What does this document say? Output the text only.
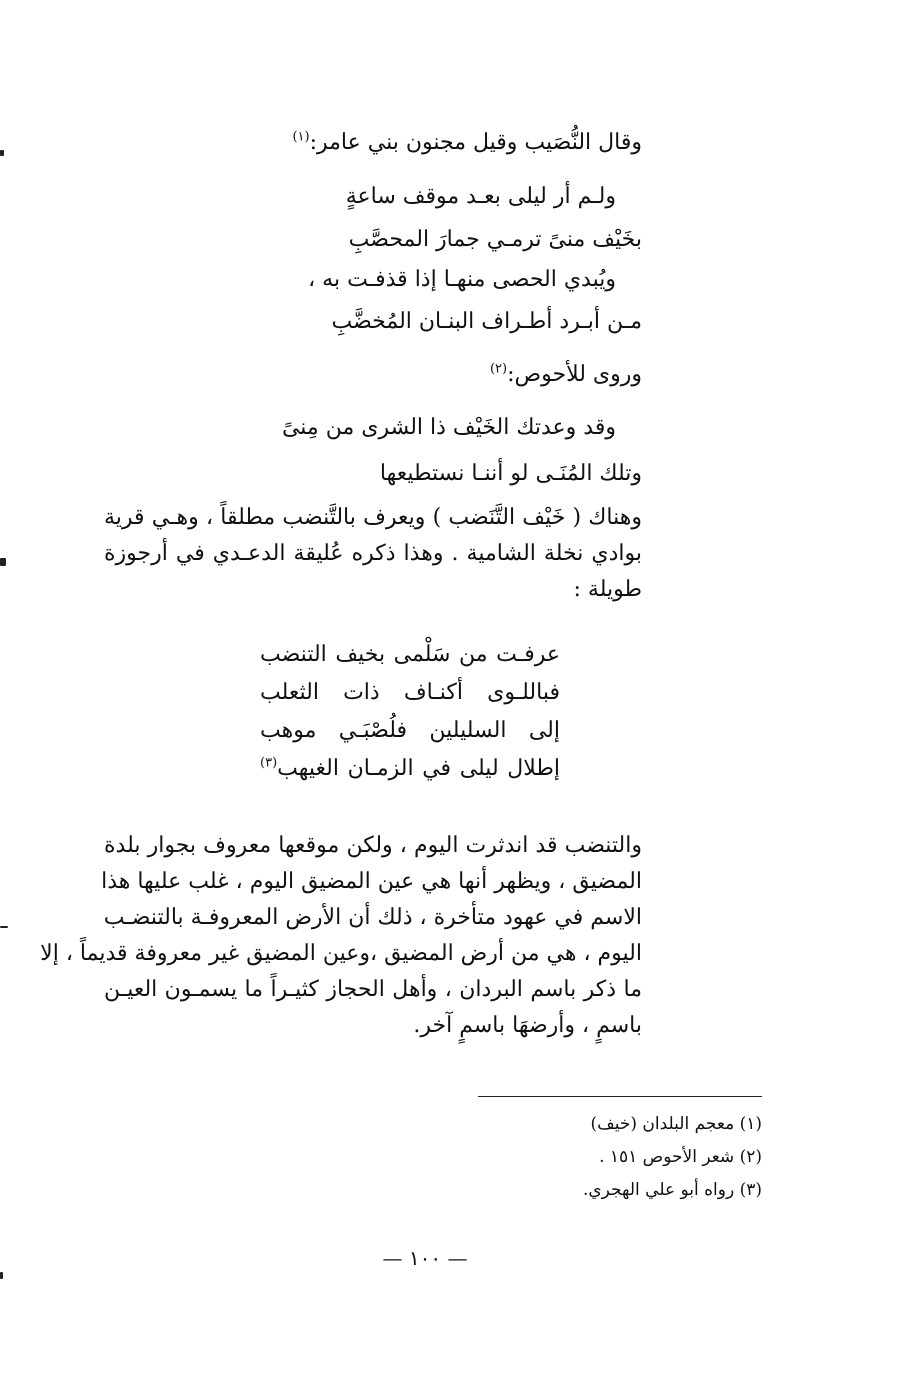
وقال النُّصَيب وقيل مجنون بني عامر:$^{(١)}$
ولـم أر ليلى بعـد موقف ساعةٍ
بخَيْف منىً ترمـي جمارَ المحصَّبِ
ويُبدي الحصى منهـا إذا قذفـت به ،
مـن أبـرد أطـراف البنـان المُخضَّبِ
وروى للأحوص:$^{(٢)}$
وقد وعدتك الخَيْف ذا الشرى من مِنىً
وتلك المُنَـى لو أننـا نستطيعها
وهناك ( خَيْف التَّنَضب ) ويعرف بالتَّنضب مطلقاً ، وهـي قرية بوادي نخلة الشامية . وهذا ذكره عُليقة الدعـدي في أرجوزة طويلة :
عرفـت من سَلْمى بخيف التنضب
فباللـوى أكنـاف ذات الثعلب
إلى السليلين فلُصْبَـي موهب
إطلال ليلى في الزمـان الغيهب$^{(٣)}$
والتنضب قد اندثرت اليوم ، ولكن موقعها معروف بجوار بلدة
المضيق ، ويظهر أنها هي عين المضيق اليوم ، غلب عليها هذا
الاسم في عهود متأخرة ، ذلك أن الأرض المعروفـة بالتنضـب
اليوم ، هي من أرض المضيق ،وعين المضيق غير معروفة قديماً ، إلا
ما ذكر باسم البردان ، وأهل الحجاز كثيـراً ما يسمـون العيـن
باسمٍ ، وأرضهَا باسمٍ آخر.
(١) معجم البلدان (خيف)
(٢) شعر الأحوص ١٥١ .
(٣) رواه أبو علي الهجري.
— ١٠٠ —
